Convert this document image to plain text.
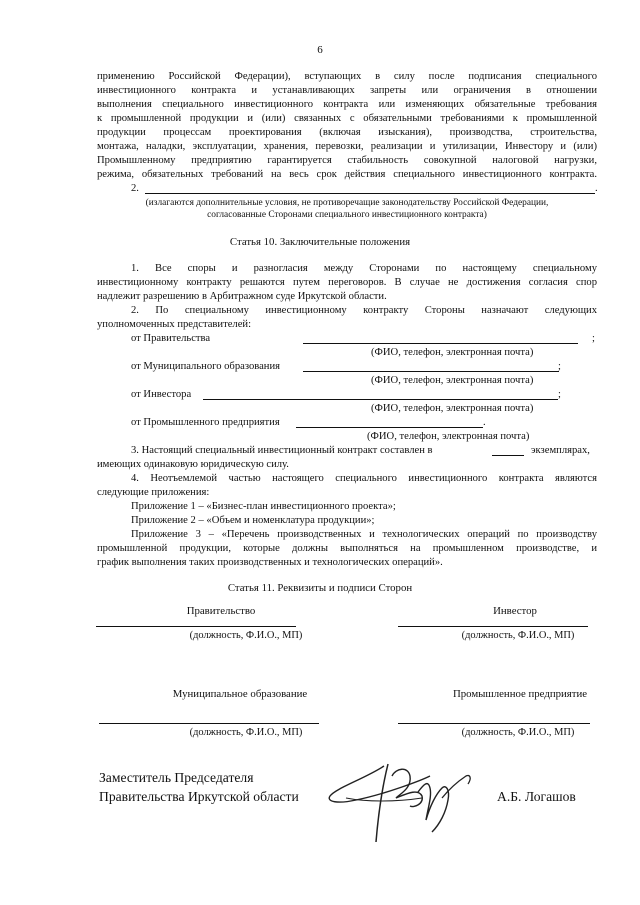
6
применению Российской Федерации), вступающих в силу после подписания специального
инвестиционного контракта и устанавливающих запреты или ограничения в отношении
выполнения специального инвестиционного контракта или изменяющих обязательные требования
к промышленной продукции и (или) связанных с обязательными требованиями к промышленной
продукции процессам проектирования (включая изыскания), производства, строительства,
монтажа, наладки, эксплуатации, хранения, перевозки, реализации и утилизации, Инвестору и (или)
Промышленному предприятию гарантируется стабильность совокупной налоговой нагрузки,
режима, обязательных требований на весь срок действия специального инвестиционного контракта.
2.	.
(излагаются дополнительные условия, не противоречащие законодательству Российской Федерации,
согласованные Сторонами специального инвестиционного контракта)
Статья 10. Заключительные положения
1. Все споры и разногласия между Сторонами по настоящему специальному
инвестиционному контракту решаются путем переговоров. В случае не достижения согласия спор
надлежит разрешению в Арбитражном суде Иркутской области.
2. По специальному инвестиционному контракту Стороны назначают следующих
уполномоченных представителей:
от Правительства	;
(ФИО, телефон, электронная почта)
от Муниципального образования	;
(ФИО, телефон, электронная почта)
от Инвестора	;
(ФИО, телефон, электронная почта)
от Промышленного предприятия	.
(ФИО, телефон, электронная почта)
3. Настоящий специальный инвестиционный контракт составлен в	экземплярах,
имеющих одинаковую юридическую силу.
4. Неотъемлемой частью настоящего специального инвестиционного контракта являются
следующие приложения:
Приложение 1 – «Бизнес-план инвестиционного проекта»;
Приложение 2 – «Объем и номенклатура продукции»;
Приложение 3 – «Перечень производственных и технологических операций по производству
промышленной продукции, которые должны выполняться на промышленном производстве, и
график выполнения таких производственных и технологических операций».
Статья 11. Реквизиты и подписи Сторон
Правительство
(должность, Ф.И.О., МП)
Инвестор
(должность, Ф.И.О., МП)
Муниципальное образование
(должность, Ф.И.О., МП)
Промышленное предприятие
(должность, Ф.И.О., МП)
Заместитель Председателя
Правительства Иркутской области	А.Б. Логашов
